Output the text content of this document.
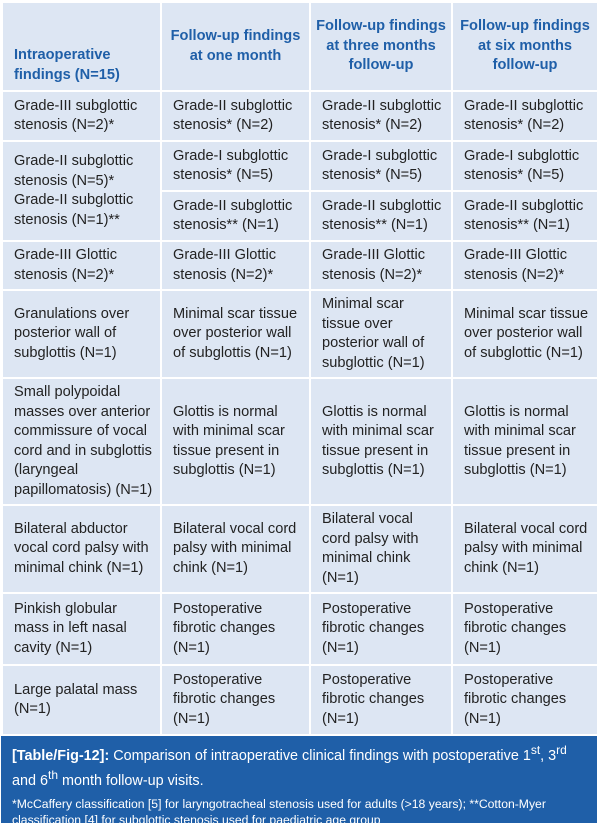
Intraoperative findings (N=15)	Follow-up findings at one month	Follow-up findings at three months follow-up	Follow-up findings at six months follow-up
Grade-III subglottic stenosis (N=2)*	Grade-II subglottic stenosis* (N=2)	Grade-II subglottic stenosis* (N=2)	Grade-II subglottic stenosis* (N=2)
Grade-II subglottic stenosis (N=5)* Grade-II subglottic stenosis (N=1)**	Grade-I subglottic stenosis* (N=5)	Grade-I subglottic stenosis* (N=5)	Grade-I subglottic stenosis* (N=5)
	Grade-II subglottic stenosis** (N=1)	Grade-II subglottic stenosis** (N=1)	Grade-II subglottic stenosis** (N=1)
Grade-III Glottic stenosis (N=2)*	Grade-III Glottic stenosis (N=2)*	Grade-III Glottic stenosis (N=2)*	Grade-III Glottic stenosis (N=2)*
Granulations over posterior wall of subglottis (N=1)	Minimal scar tissue over posterior wall of subglottis (N=1)	Minimal scar tissue over posterior wall of subglottic (N=1)	Minimal scar tissue over posterior wall of subglottic (N=1)
Small polypoidal masses over anterior commissure of vocal cord and in subglottis (laryngeal papillomatosis) (N=1)	Glottis is normal with minimal scar tissue present in subglottis (N=1)	Glottis is normal with minimal scar tissue present in subglottis (N=1)	Glottis is normal with minimal scar tissue present in subglottis (N=1)
Bilateral abductor vocal cord palsy with minimal chink (N=1)	Bilateral vocal cord palsy with minimal chink (N=1)	Bilateral vocal cord palsy with minimal chink (N=1)	Bilateral vocal cord palsy with minimal chink (N=1)
Pinkish globular mass in left nasal cavity (N=1)	Postoperative fibrotic changes (N=1)	Postoperative fibrotic changes (N=1)	Postoperative fibrotic changes (N=1)
Large palatal mass (N=1)	Postoperative fibrotic changes (N=1)	Postoperative fibrotic changes (N=1)	Postoperative fibrotic changes (N=1)
[Table/Fig-12]: Comparison of intraoperative clinical findings with postoperative 1st, 3rd and 6th month follow-up visits.
*McCaffery classification [5] for laryngotracheal stenosis used for adults (>18 years); **Cotton-Myer classification [4] for subglottic stenosis used for paediatric age group
